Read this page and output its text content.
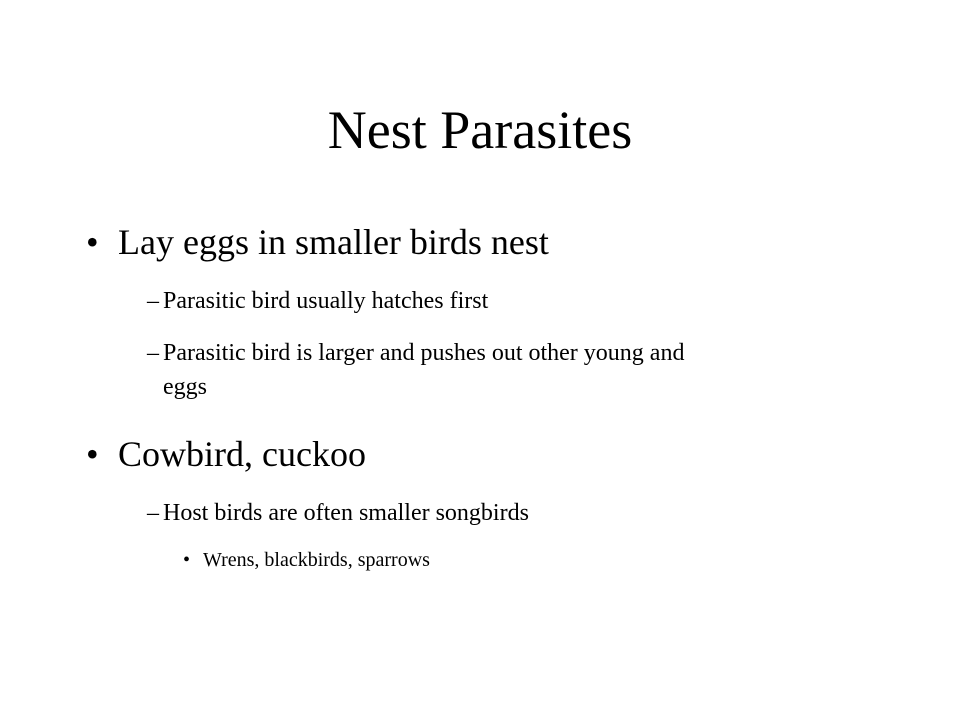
Nest Parasites
• Lay eggs in smaller birds nest
– Parasitic bird usually hatches first
– Parasitic bird is larger and pushes out other young and eggs
• Cowbird, cuckoo
– Host birds are often smaller songbirds
• Wrens, blackbirds, sparrows
